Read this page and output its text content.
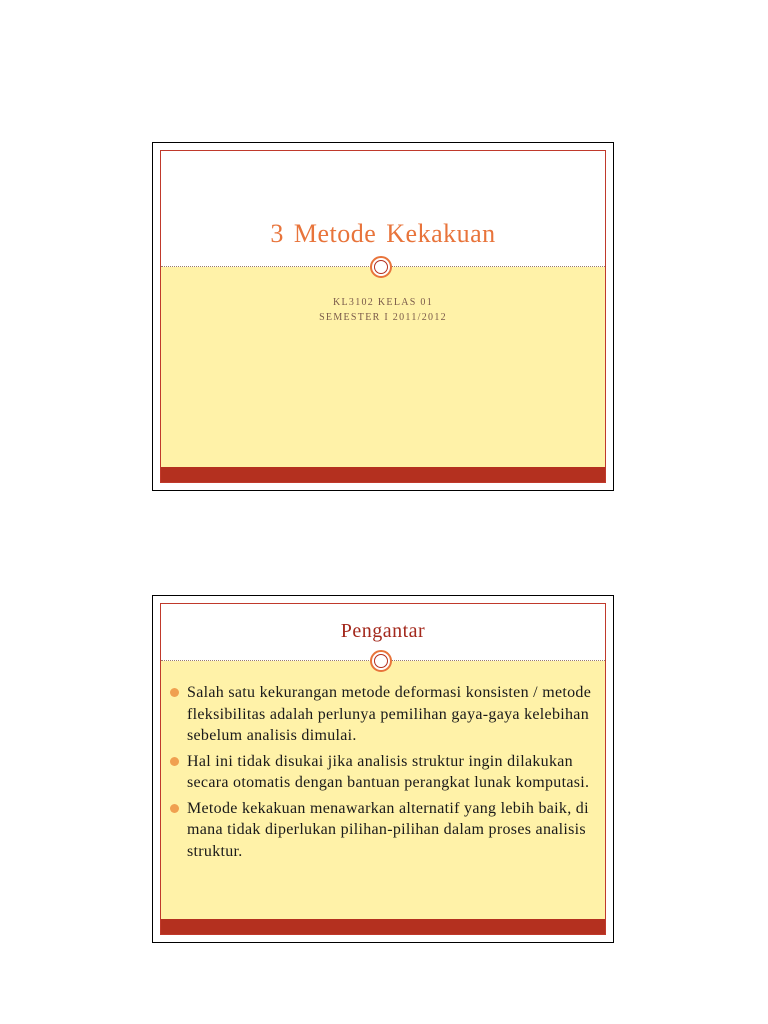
3 Metode Kekakuan
KL3102 KELAS 01
SEMESTER I 2011/2012
Pengantar
Salah satu kekurangan metode deformasi konsisten / metode fleksibilitas adalah perlunya pemilihan gaya-gaya kelebihan sebelum analisis dimulai.
Hal ini tidak disukai jika analisis struktur ingin dilakukan secara otomatis dengan bantuan perangkat lunak komputasi.
Metode kekakuan menawarkan alternatif yang lebih baik, di mana tidak diperlukan pilihan-pilihan dalam proses analisis struktur.
